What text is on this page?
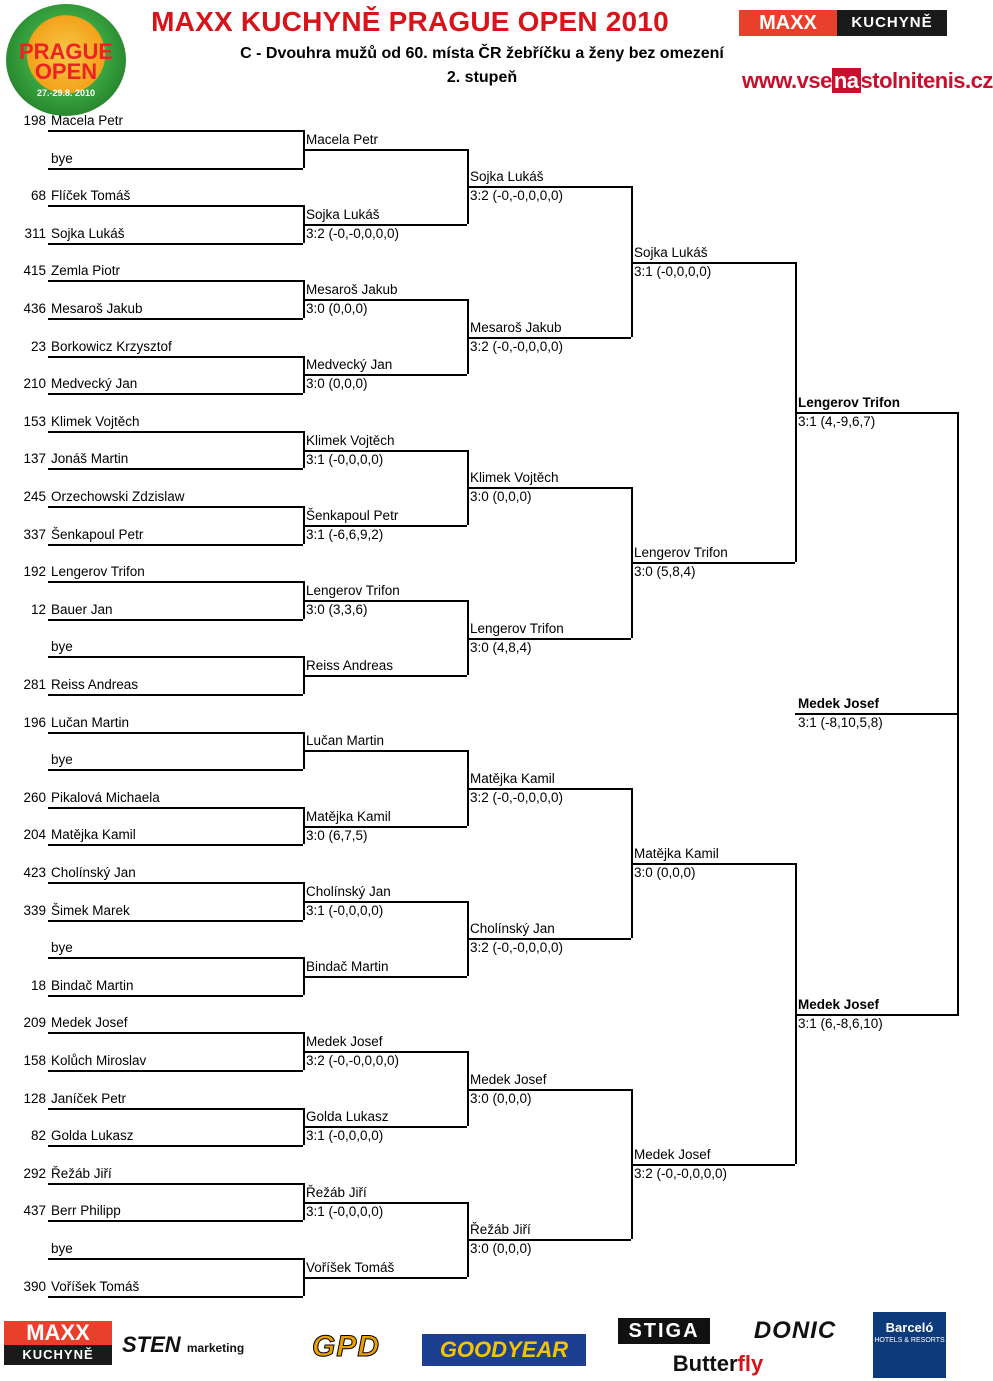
MAXX KUCHYNĚ PRAGUE OPEN 2010
C - Dvouhra mužů od 60. místa ČR žebříčku a ženy bez omezení
2. stupeň
PRAGUE OPEN
27.-29.8. 2010
MAXX	KUCHYNĚ
www.vsenastolnitenis.cz
198 Macela Petr
bye
68 Flíček Tomáš
311 Sojka Lukáš
415 Zemla Piotr
436 Mesaroš Jakub
23 Borkowicz Krzysztof
210 Medvecký Jan
153 Klimek Vojtěch
137 Jonáš Martin
245 Orzechowski Zdzislaw
337 Šenkapoul Petr
192 Lengerov Trifon
12 Bauer Jan
bye
281 Reiss Andreas
196 Lučan Martin
bye
260 Pikalová Michaela
204 Matějka Kamil
423 Cholínský Jan
339 Šimek Marek
bye
18 Bindač Martin
209 Medek Josef
158 Kolůch Miroslav
128 Janíček Petr
82 Golda Lukasz
292 Řežáb Jiří
437 Berr Philipp
bye
390 Voříšek Tomáš
Macela Petr
Sojka Lukáš
3:2 (-0,-0,0,0,0)
Mesaroš Jakub
3:0 (0,0,0)
Medvecký Jan
3:0 (0,0,0)
Klimek Vojtěch
3:1 (-0,0,0,0)
Šenkapoul Petr
3:1 (-6,6,9,2)
Lengerov Trifon
3:0 (3,3,6)
Reiss Andreas
Lučan Martin
Matějka Kamil
3:0 (6,7,5)
Cholínský Jan
3:1 (-0,0,0,0)
Bindač Martin
Medek Josef
3:2 (-0,-0,0,0,0)
Golda Lukasz
3:1 (-0,0,0,0)
Řežáb Jiří
3:1 (-0,0,0,0)
Voříšek Tomáš
Sojka Lukáš
3:2 (-0,-0,0,0,0)
Mesaroš Jakub
3:2 (-0,-0,0,0,0)
Klimek Vojtěch
3:0 (0,0,0)
Lengerov Trifon
3:0 (4,8,4)
Matějka Kamil
3:2 (-0,-0,0,0,0)
Cholínský Jan
3:2 (-0,-0,0,0,0)
Medek Josef
3:0 (0,0,0)
Řežáb Jiří
3:0 (0,0,0)
Sojka Lukáš
3:1 (-0,0,0,0)
Lengerov Trifon
3:0 (5,8,4)
Matějka Kamil
3:0 (0,0,0)
Medek Josef
3:2 (-0,-0,0,0,0)
Lengerov Trifon
3:1 (4,-9,6,7)
Medek Josef
3:1 (6,-8,6,10)
Medek Josef
3:1 (-8,10,5,8)
MAXX
KUCHYNĚ	STEN marketing	GPD	GOODYEAR
STIGA	DONIC
Butterfly
Barceló
HOTELS & RESORTS
